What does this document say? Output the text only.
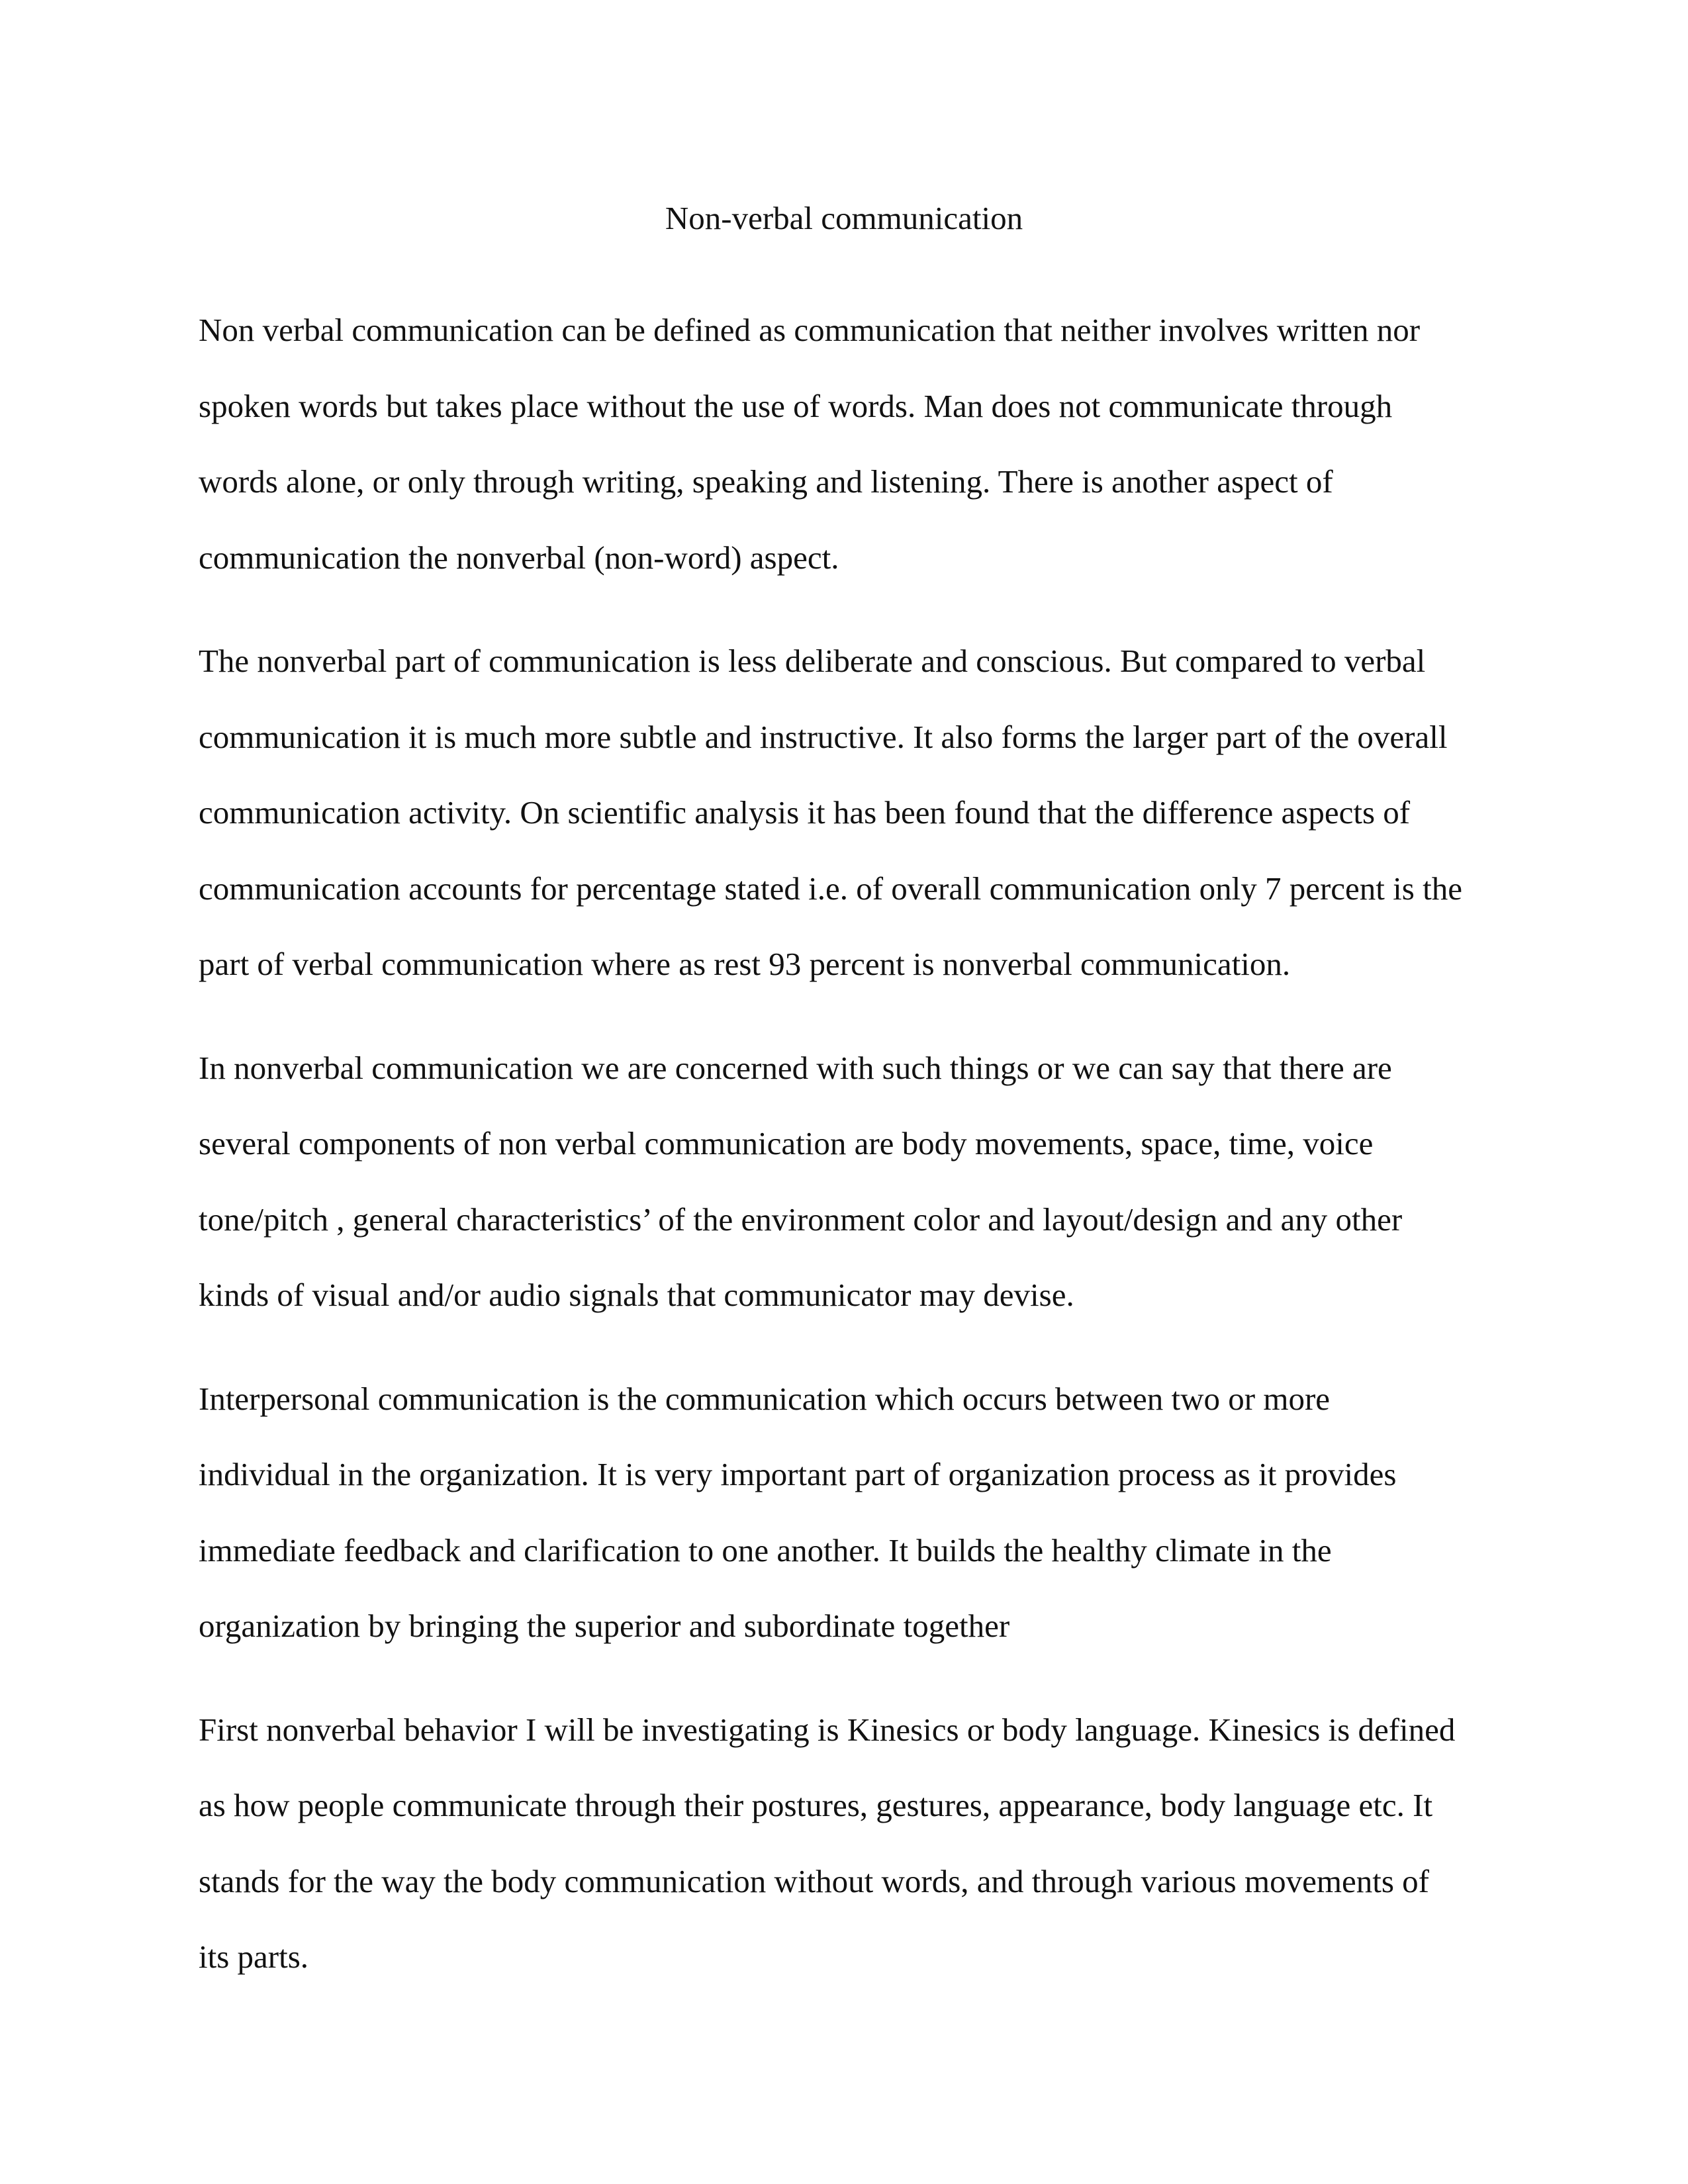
Non-verbal communication

Non verbal communication can be defined as communication that neither involves written nor
spoken words but takes place without the use of words. Man does not communicate through
words alone, or only through writing, speaking and listening. There is another aspect of
communication the nonverbal (non-word) aspect.

The nonverbal part of communication is less deliberate and conscious. But compared to verbal
communication it is much more subtle and instructive. It also forms the larger part of the overall
communication activity. On scientific analysis it has been found that the difference aspects of
communication accounts for percentage stated i.e. of overall communication only 7 percent is the
part of verbal communication where as rest 93 percent is nonverbal communication.

In nonverbal communication we are concerned with such things or we can say that there are
several components of non verbal communication are body movements, space, time, voice
tone/pitch , general characteristics’ of the environment color and layout/design and any other
kinds of visual and/or audio signals that communicator may devise.

Interpersonal communication is the communication which occurs between two or more
individual in the organization. It is very important part of organization process as it provides
immediate feedback and clarification to one another. It builds the healthy climate in the
organization by bringing the superior and subordinate together

First nonverbal behavior I will be investigating is Kinesics or body language. Kinesics is defined
as how people communicate through their postures, gestures, appearance, body language etc. It
stands for the way the body communication without words, and through various movements of
its parts.
